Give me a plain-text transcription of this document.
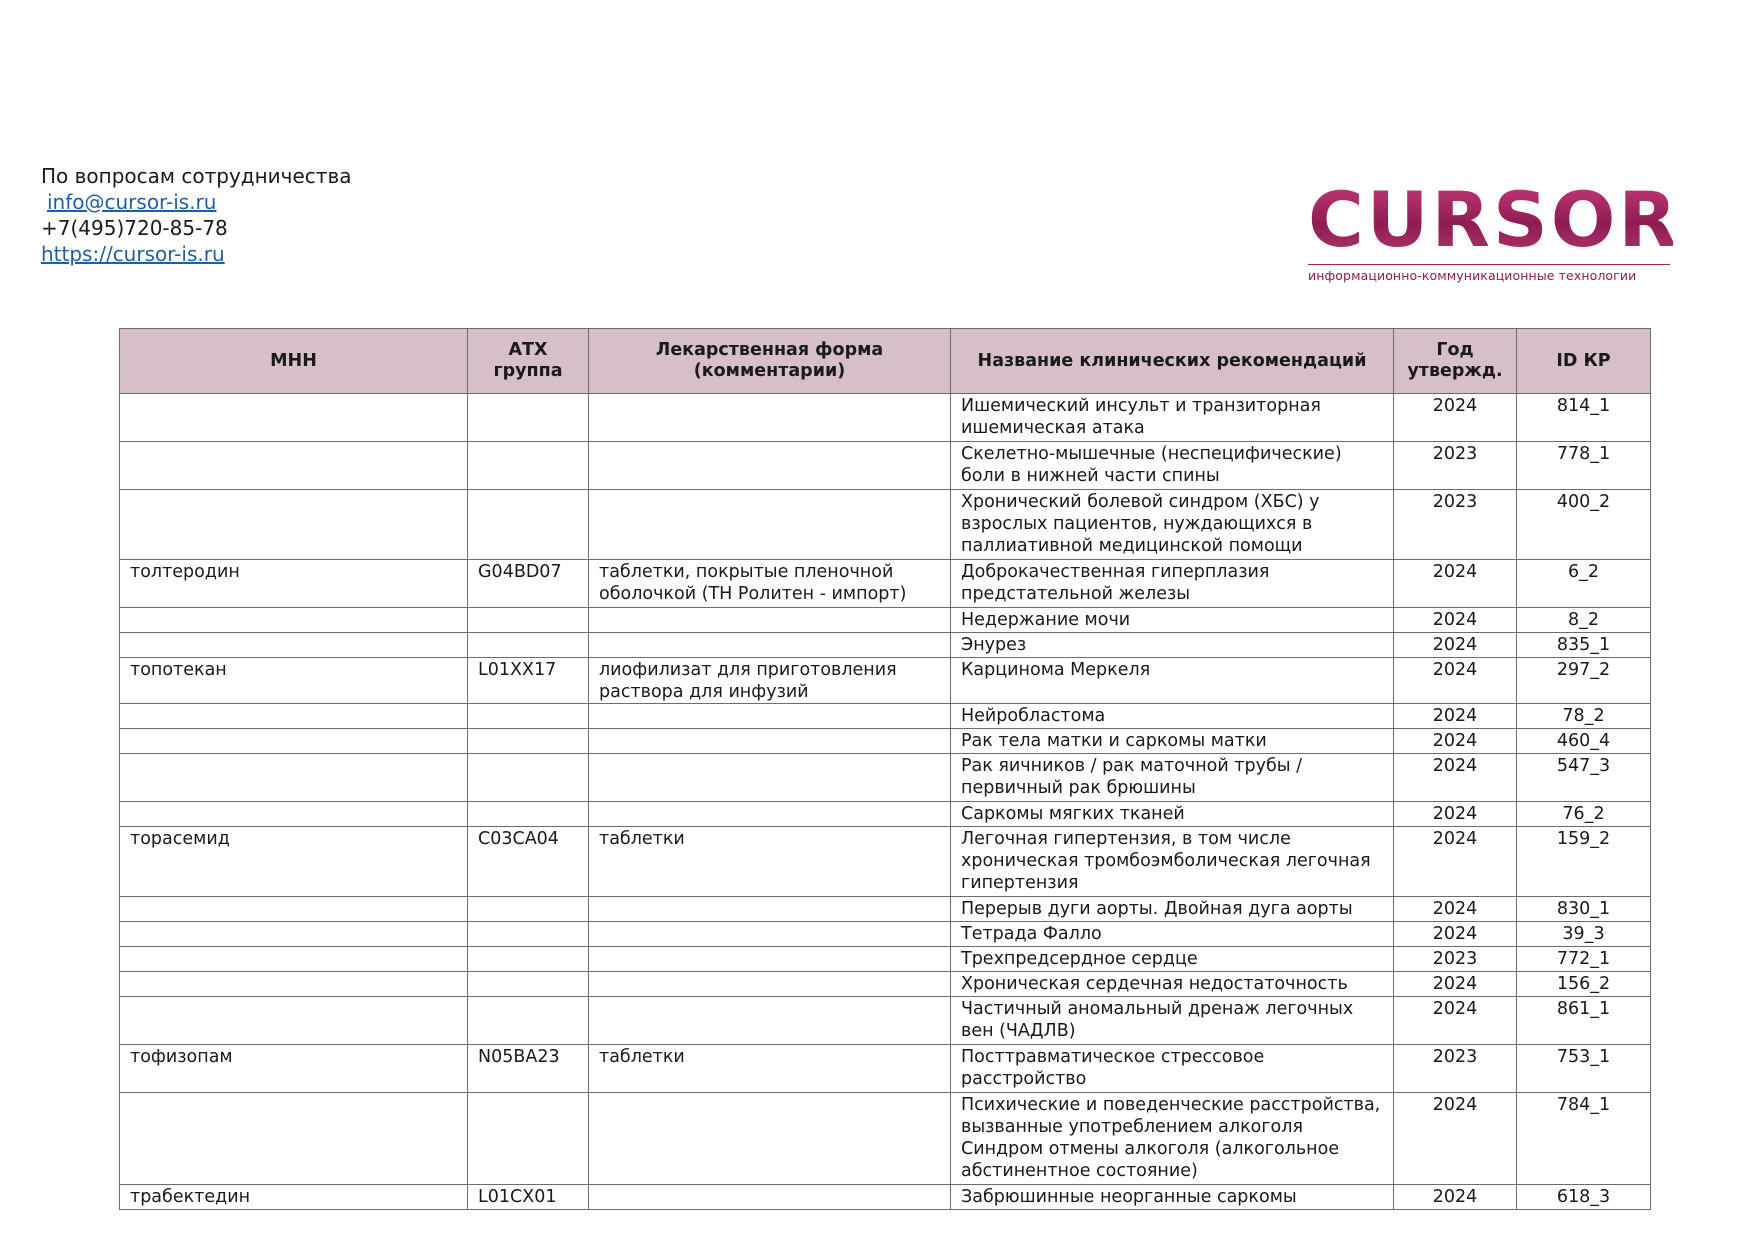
По вопросам сотрудничества
info@cursor-is.ru
+7(495)720-85-78
https://cursor-is.ru	CURSOR
информационно-коммуникационные технологии
МНН	АТХ группа	Лекарственная форма (комментарии)	Название клинических рекомендаций	Год утвержд.	ID КР
			Ишемический инсульт и транзиторная ишемическая атака	2024	814_1
			Скелетно-мышечные (неспецифические) боли в нижней части спины	2023	778_1
			Хронический болевой синдром (ХБС) у взрослых пациентов, нуждающихся в паллиативной медицинской помощи	2023	400_2
толтеродин	G04BD07	таблетки, покрытые пленочной оболочкой (ТН Ролитен - импорт)	Доброкачественная гиперплазия предстательной железы	2024	6_2
			Недержание мочи	2024	8_2
			Энурез	2024	835_1
топотекан	L01XX17	лиофилизат для приготовления раствора для инфузий	Карцинома Меркеля	2024	297_2
			Нейробластома	2024	78_2
			Рак тела матки и саркомы матки	2024	460_4
			Рак яичников / рак маточной трубы / первичный рак брюшины	2024	547_3
			Саркомы мягких тканей	2024	76_2
торасемид	C03CA04	таблетки	Легочная гипертензия, в том числе хроническая тромбоэмболическая легочная гипертензия	2024	159_2
			Перерыв дуги аорты. Двойная дуга аорты	2024	830_1
			Тетрада Фалло	2024	39_3
			Трехпредсердное сердце	2023	772_1
			Хроническая сердечная недостаточность	2024	156_2
			Частичный аномальный дренаж легочных вен (ЧАДЛВ)	2024	861_1
тофизопам	N05BA23	таблетки	Посттравматическое стрессовое расстройство	2023	753_1
			Психические и поведенческие расстройства, вызванные употреблением алкоголя Синдром отмены алкоголя (алкогольное абстинентное состояние)	2024	784_1
трабектедин	L01CX01		Забрюшинные неорганные саркомы	2024	618_3
